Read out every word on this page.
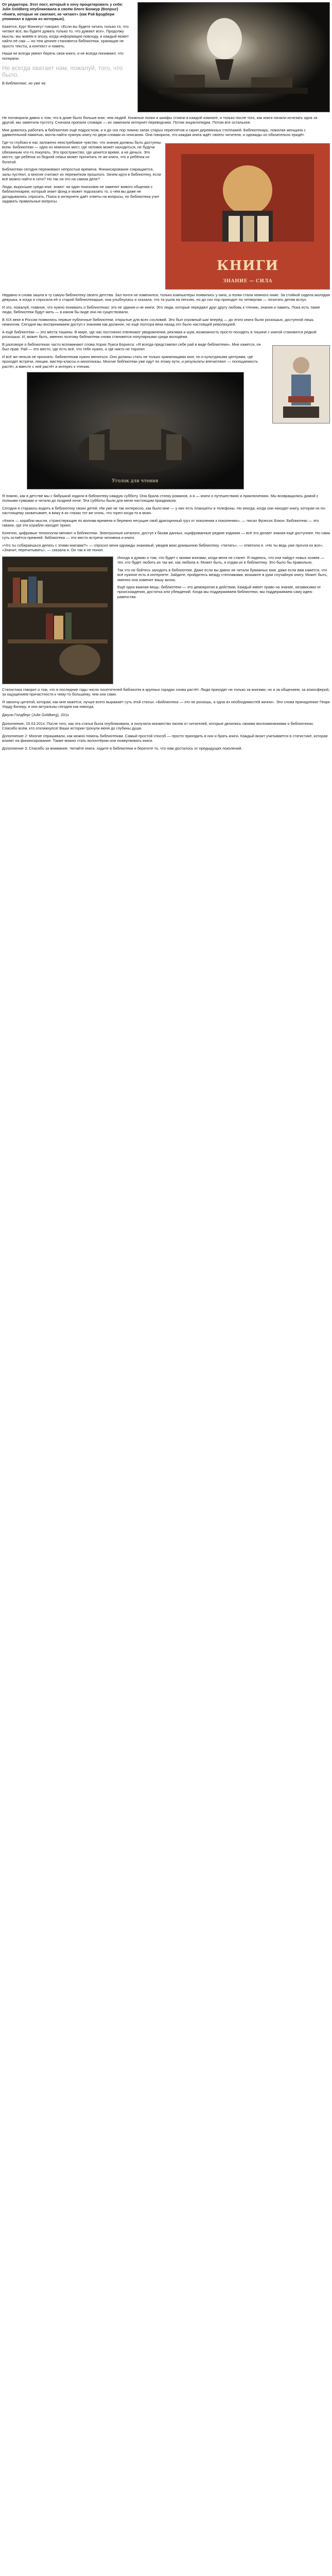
От редактора. Этот пост, который я хочу процитировать у себя: Julie Goldberg опубликовала в своём блоге Бонжур (Bonjour) «Книги, которые не сжигают, не читают» (как Рэй Брэдбери упоминал в одном из интервью).

Кажется, Курт Воннегут говорил: «Если вы будете читать только то, что читают все, вы будете думать только то, что думают все». Продолжу мысль: мы живём в эпоху, когда информация повсюду, и каждый может найти её сам — но тем ценнее становятся библиотеки, хранящие не просто тексты, а контекст и память.

Наши не всегда умеют беречь свои книги, и не всегда понимают, что потеряли.

Не всегда хватает нам, пожалуй, того, что было.

В Библиотеке, но уже не.

Не поговорили давно о том, что в доме было больше книг, чем людей. Книжные полки и шкафы стояли в каждой комнате, и только после того, как книги начали исчезать одна за другой, мы заметили пустоту. Сначала пропали словари — их заменили интернет-переводчики. Потом энциклопедии. Потом все остальное.

Мне довелось работать в библиотеке ещё подростком, и я до сих пор помню запах старых переплётов и скрип деревянных стеллажей. Библиотекарь, пожилая женщина с удивительной памятью, могла найти нужную книгу по двум словам из описания. Она говорила, что каждая книга ждёт своего читателя, и однажды он обязательно придёт.

КНИГИ
ЗНАНИЕ — СИЛА

Где-то глубоко в нас заложено неистребимое чувство, что знания должны быть доступны всем. Библиотеки — одно из немногих мест, где человек может находиться, не будучи обязанным что-то покупать. Это пространство, где ценится время, а не деньги. Это место, где ребёнок из бедной семьи может прочитать те же книги, что и ребёнок из богатой.

Библиотеки сегодня переживают непростые времена. Финансирование сокращается, залы пустеют, а многие считают их пережитком прошлого. Зачем идти в библиотеку, если всё можно найти в сети? Но так ли это на самом деле?

Люди, выросшие среди книг, знают: ни один поисковик не заменит живого общения с библиотекарем, который знает фонд и может подсказать то, о чём вы даже не догадывались спросить. Поиск в интернете даёт ответы на вопросы, но библиотека учит задавать правильные вопросы.

Недавно я снова зашла в ту самую библиотеку своего детства. Зал почти не изменился, только компьютеры появились у окна, а полки стали немного ниже. За стойкой сидела молодая девушка, и когда я спросила её о старой библиотекарше, она улыбнулась и сказала, что та ушла на пенсию, но до сих пор приходит по четвергам — почитать детям вслух.

И это, пожалуй, главное, что нужно понимать о библиотеках: это не здания и не книги. Это люди, которые передают друг другу любовь к чтению, знания и память. Пока есть такие люди, библиотеки будут жить — в каком бы виде они ни существовали.

В XIX веке в России появились первые публичные библиотеки, открытые для всех сословий. Это был огромный шаг вперёд — до этого книги были роскошью, доступной лишь немногим. Сегодня мы воспринимаем доступ к знаниям как должное, но ещё полтора века назад это было настоящей революцией.

А ещё библиотеки — это места тишины. В мире, где нас постоянно отвлекают уведомления, реклама и шум, возможность просто посидеть в тишине с книгой становится редкой роскошью. И, может быть, именно поэтому библиотеки снова становятся популярными среди молодёжи.

В разговоре о библиотеках часто вспоминают слова Хорхе Луиса Борхеса: «Я всегда представлял себе рай в виде библиотеки». Мне кажется, он был прав. Рай — это место, где есть всё, что тебе нужно, и где никто не торопит.

И всё же нельзя не признать: библиотекам нужно меняться. Они должны стать не только хранилищами книг, но и культурными центрами, где проходят встречи, лекции, мастер-классы и кинопоказы. Многие библиотеки уже идут по этому пути, и результаты впечатляют — посещаемость растёт, а вместе с ней растёт и интерес к чтению.

Уголок для чтения

Я помню, как в детстве мы с бабушкой ходили в библиотеку каждую субботу. Она брала стопку романов, а я — книги о путешествиях и приключениях. Мы возвращались домой с полными сумками и читали до поздней ночи. Эти субботы были для меня настоящим праздником.

Сегодня я стараюсь водить в библиотеку своих детей. Им уже не так интересно, как было мне — у них есть планшеты и телефоны. Но иногда, когда они находят книгу, которая их по-настоящему захватывает, я вижу в их глазах тот же огонь, что горел когда-то в моих.

«Книги — корабли мысли, странствующие по волнам времени и бережно несущие свой драгоценный груз от поколения к поколению», — писал Фрэнсис Бэкон. Библиотеки — это гавани, где эти корабли находят приют.

Конечно, цифровые технологии меняют и библиотеки. Электронные каталоги, доступ к базам данных, оцифрованные редкие издания — всё это делает знания ещё доступнее. Но сама суть остаётся прежней: библиотека — это место встречи человека и книги.

«Что ты собираешься делать с этими книгами?» — спросил меня однажды знакомый, увидев мою домашнюю библиотеку. «Читать», — ответила я. «Но ты ведь уже прочла их все». «Значит, перечитывать», — сказала я. Он так и не понял.

Иногда я думаю о том, что будет с моими книгами, когда меня не станет. Я надеюсь, что они найдут новых хозяев — тех, кто будет любить их так же, как любила я. Может быть, я отдам их в библиотеку. Это было бы правильно.

Так что не бойтесь заходить в библиотеки. Даже если вы давно не читали бумажных книг, даже если вам кажется, что всё нужное есть в интернете. Зайдите, пройдитесь между стеллажами, возьмите в руки случайную книгу. Может быть, именно она изменит вашу жизнь.

Ещё одна важная вещь: библиотеки — это демократия в действии. Каждый имеет право на знание, независимо от происхождения, достатка или убеждений. Когда мы поддерживаем библиотеки, мы поддерживаем саму идею равенства.

Статистика говорит о том, что в последние годы число посетителей библиотек в крупных городах снова растёт. Люди приходят не только за книгами, но и за общением, за атмосферой, за ощущением причастности к чему-то большему, чем они сами.

Я закончу цитатой, которая, как мне кажется, лучше всего выражает суть этой статьи: «Библиотека — это не роскошь, а одна из необходимостей жизни». Эти слова принадлежат Генри Уорду Бичеру, и они актуальны сегодня как никогда.

Джули Голдберг (Julie Goldberg), 201х

Дополнение, 15.03.201х: После того, как эта статья была опубликована, я получила множество писем от читателей, которые делились своими воспоминаниями о библиотеках. Спасибо всем, кто откликнулся! Ваши истории тронули меня до глубины души.

Дополнение 2: Многие спрашивали, как можно помочь библиотекам. Самый простой способ — просто приходить в них и брать книги. Каждый визит учитывается в статистике, которая влияет на финансирование. Также можно стать волонтёром или пожертвовать книги.

Дополнение 3: Спасибо за внимание. Читайте книги, ходите в библиотеки и берегите то, что нам досталось от предыдущих поколений.
